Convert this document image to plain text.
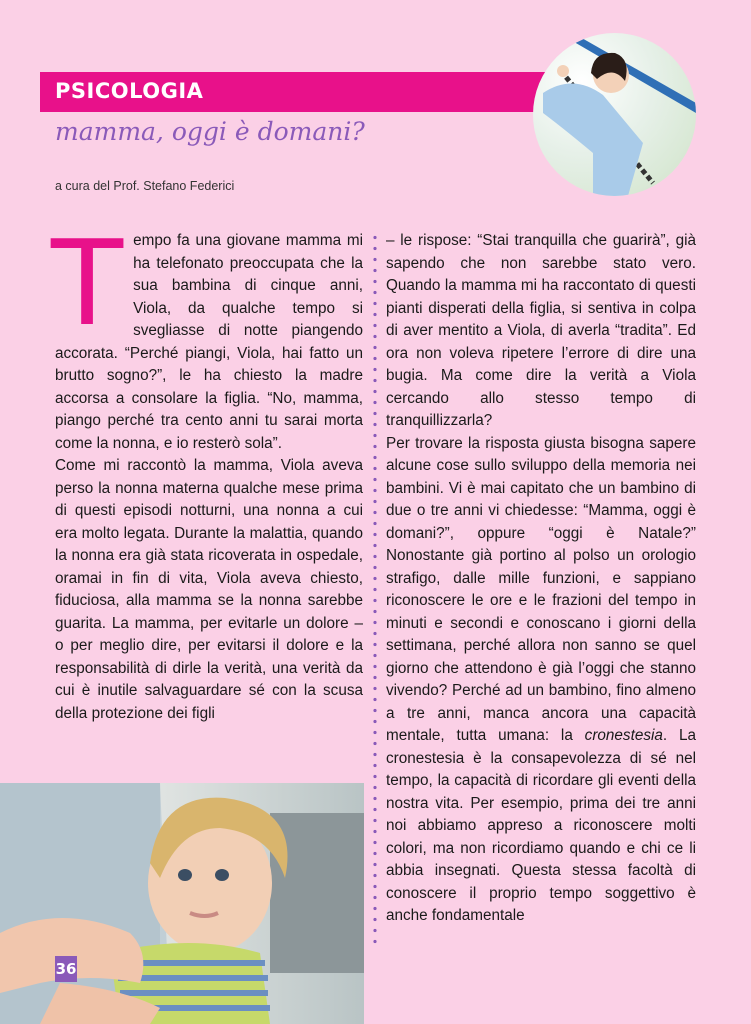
PSICOLOGIA
mamma, oggi è domani?
a cura del Prof. Stefano Federici
T empo fa una giovane mamma mi ha telefonato preoccupata che la sua bambina di cinque anni, Viola, da qualche tempo si svegliasse di notte piangendo accorata. “Perché piangi, Viola, hai fatto un brutto sogno?”, le ha chiesto la madre accorsa a consolare la figlia. “No, mamma, piango perché tra cento anni tu sarai morta come la nonna, e io resterò sola”.

Come mi raccontò la mamma, Viola aveva perso la nonna materna qualche mese prima di questi episodi notturni, una nonna a cui era molto legata. Durante la malattia, quando la nonna era già stata ricoverata in ospedale, oramai in fin di vita, Viola aveva chiesto, fiduciosa, alla mamma se la nonna sarebbe guarita. La mamma, per evitarle un dolore – o per meglio dire, per evitarsi il dolore e la responsabilità di dirle la verità, una verità da cui è inutile salvaguardare sé con la scusa della protezione dei figli

– le rispose: “Stai tranquilla che guarirà”, già sapendo che non sarebbe stato vero. Quando la mamma mi ha raccontato di questi pianti disperati della figlia, si sentiva in colpa di aver mentito a Viola, di averla “tradita”. Ed ora non voleva ripetere l’errore di dire una bugia. Ma come dire la verità a Viola cercando allo stesso tempo di tranquillizzarla?

Per trovare la risposta giusta bisogna sapere alcune cose sullo sviluppo della memoria nei bambini. Vi è mai capitato che un bambino di due o tre anni vi chiedesse: “Mamma, oggi è domani?”, oppure “oggi è Natale?” Nonostante già portino al polso un orologio strafigo, dalle mille funzioni, e sappiano riconoscere le ore e le frazioni del tempo in minuti e secondi e conoscano i giorni della settimana, perché allora non sanno se quel giorno che attendono è già l’oggi che stanno vivendo? Perché ad un bambino, fino almeno a tre anni, manca ancora una capacità mentale, tutta umana: la cronestesia. La cronestesia è la consapevolezza di sé nel tempo, la capacità di ricordare gli eventi della nostra vita. Per esempio, prima dei tre anni noi abbiamo appreso a riconoscere molti colori, ma non ricordiamo quando e chi ce li abbia insegnati. Questa stessa facoltà di conoscere il proprio tempo soggettivo è anche fondamentale

36
